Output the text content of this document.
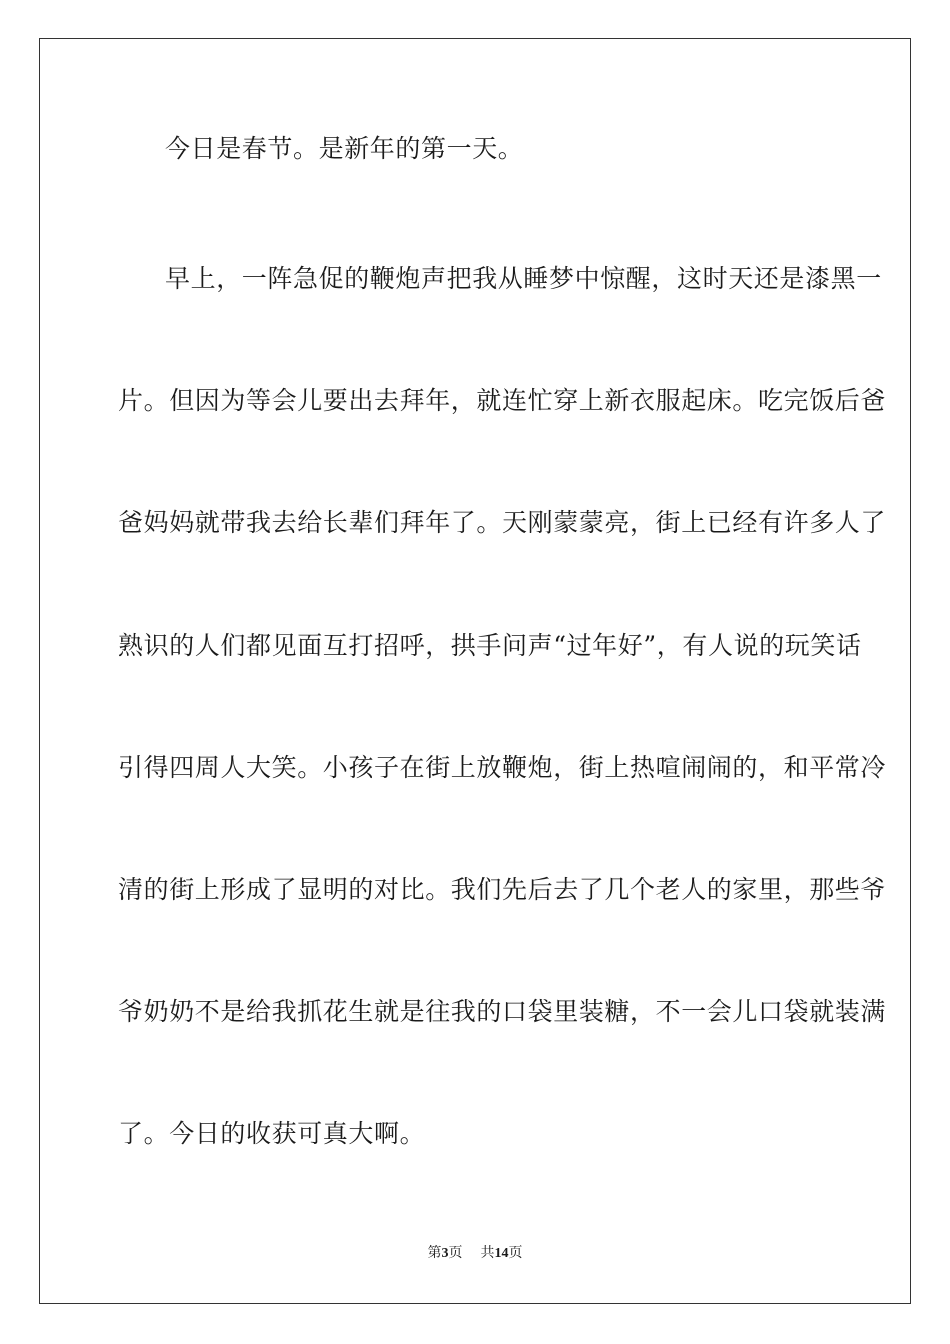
今日是春节。是新年的第一天。
早上，一阵急促的鞭炮声把我从睡梦中惊醒，这时天还是漆黑一
片。但因为等会儿要出去拜年，就连忙穿上新衣服起床。吃完饭后爸
爸妈妈就带我去给长辈们拜年了。天刚蒙蒙亮，街上已经有许多人了
熟识的人们都见面互打招呼，拱手问声“过年好”，有人说的玩笑话
引得四周人大笑。小孩子在街上放鞭炮，街上热喧闹闹的，和平常冷
清的街上形成了显明的对比。我们先后去了几个老人的家里，那些爷
爷奶奶不是给我抓花生就是往我的口袋里装糖，不一会儿口袋就装满
了。今日的收获可真大啊。
第3页 共14页
